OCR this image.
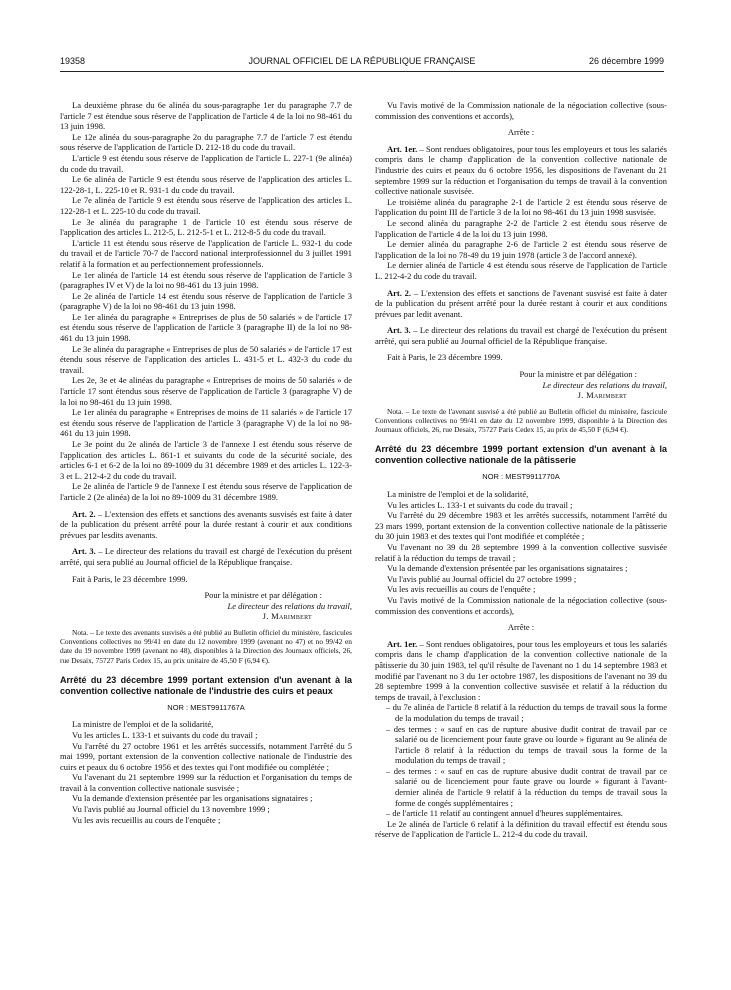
19358	JOURNAL OFFICIEL DE LA RÉPUBLIQUE FRANÇAISE	26 décembre 1999

La deuxième phrase du 6e alinéa du sous-paragraphe 1er du paragraphe 7.7 de l'article 7 est étendue sous réserve de l'application de l'article 4 de la loi no 98-461 du 13 juin 1998.

Le 12e alinéa du sous-paragraphe 2o du paragraphe 7.7 de l'article 7 est étendu sous réserve de l'application de l'article D. 212-18 du code du travail.

L'article 9 est étendu sous réserve de l'application de l'article L. 227-1 (9e alinéa) du code du travail.

Le 6e alinéa de l'article 9 est étendu sous réserve de l'application des articles L. 122-28-1, L. 225-10 et R. 931-1 du code du travail.

Le 7e alinéa de l'article 9 est étendu sous réserve de l'application des articles L. 122-28-1 et L. 225-10 du code du travail.

Le 3e alinéa du paragraphe 1 de l'article 10 est étendu sous réserve de l'application des articles L. 212-5, L. 212-5-1 et L. 212-8-5 du code du travail.

L'article 11 est étendu sous réserve de l'application de l'article L. 932-1 du code du travail et de l'article 70-7 de l'accord national interprofessionnel du 3 juillet 1991 relatif à la formation et au perfectionnement professionnels.

Le 1er alinéa de l'article 14 est étendu sous réserve de l'application de l'article 3 (paragraphes IV et V) de la loi no 98-461 du 13 juin 1998.

Le 2e alinéa de l'article 14 est étendu sous réserve de l'application de l'article 3 (paragraphe V) de la loi no 98-461 du 13 juin 1998.

Le 1er alinéa du paragraphe « Entreprises de plus de 50 salariés » de l'article 17 est étendu sous réserve de l'application de l'article 3 (paragraphe II) de la loi no 98-461 du 13 juin 1998.

Le 3e alinéa du paragraphe « Entreprises de plus de 50 salariés » de l'article 17 est étendu sous réserve de l'application des articles L. 431-5 et L. 432-3 du code du travail.

Les 2e, 3e et 4e alinéas du paragraphe « Entreprises de moins de 50 salariés » de l'article 17 sont étendus sous réserve de l'application de l'article 3 (paragraphe V) de la loi no 98-461 du 13 juin 1998.

Le 1er alinéa du paragraphe « Entreprises de moins de 11 salariés » de l'article 17 est étendu sous réserve de l'application de l'article 3 (paragraphe V) de la loi no 98-461 du 13 juin 1998.

Le 3e point du 2e alinéa de l'article 3 de l'annexe I est étendu sous réserve de l'application des articles L. 861-1 et suivants du code de la sécurité sociale, des articles 6-1 et 6-2 de la loi no 89-1009 du 31 décembre 1989 et des articles L. 122-3-3 et L. 212-4-2 du code du travail.

Le 2e alinéa de l'article 9 de l'annexe I est étendu sous réserve de l'application de l'article 2 (2e alinéa) de la loi no 89-1009 du 31 décembre 1989.

Art. 2. – L'extension des effets et sanctions des avenants susvisés est faite à dater de la publication du présent arrêté pour la durée restant à courir et aux conditions prévues par lesdits avenants.

Art. 3. – Le directeur des relations du travail est chargé de l'exécution du présent arrêté, qui sera publié au Journal officiel de la République française.

Fait à Paris, le 23 décembre 1999.

Pour la ministre et par délégation :

Le directeur des relations du travail,

J. Marimbert

Nota. – Le texte des avenants susvisés a été publié au Bulletin officiel du ministère, fascicules Conventions collectives no 99/41 en date du 12 novembre 1999 (avenant no 47) et no 99/42 en date du 19 novembre 1999 (avenant no 48), disponibles à la Direction des Journaux officiels, 26, rue Desaix, 75727 Paris Cedex 15, au prix unitaire de 45,50 F (6,94 €).

Arrêté du 23 décembre 1999 portant extension d'un avenant à la convention collective nationale de l'industrie des cuirs et peaux

NOR : MEST9911767A

La ministre de l'emploi et de la solidarité,

Vu les articles L. 133-1 et suivants du code du travail ;

Vu l'arrêté du 27 octobre 1961 et les arrêtés successifs, notamment l'arrêté du 5 mai 1999, portant extension de la convention collective nationale de l'industrie des cuirs et peaux du 6 octobre 1956 et des textes qui l'ont modifiée ou complétée ;

Vu l'avenant du 21 septembre 1999 sur la réduction et l'organisation du temps de travail à la convention collective nationale susvisée ;

Vu la demande d'extension présentée par les organisations signataires ;

Vu l'avis publié au Journal officiel du 13 novembre 1999 ;

Vu les avis recueillis au cours de l'enquête ;

Vu l'avis motivé de la Commission nationale de la négociation collective (sous-commission des conventions et accords),

Arrête :

Art. 1er. – Sont rendues obligatoires, pour tous les employeurs et tous les salariés compris dans le champ d'application de la convention collective nationale de l'industrie des cuirs et peaux du 6 octobre 1956, les dispositions de l'avenant du 21 septembre 1999 sur la réduction et l'organisation du temps de travail à la convention collective nationale susvisée.

Le troisième alinéa du paragraphe 2-1 de l'article 2 est étendu sous réserve de l'application du point III de l'article 3 de la loi no 98-461 du 13 juin 1998 susvisée.

Le second alinéa du paragraphe 2-2 de l'article 2 est étendu sous réserve de l'application de l'article 4 de la loi du 13 juin 1998.

Le dernier alinéa du paragraphe 2-6 de l'article 2 est étendu sous réserve de l'application de la loi no 78-49 du 19 juin 1978 (article 3 de l'accord annexé).

Le dernier alinéa de l'article 4 est étendu sous réserve de l'application de l'article L. 212-4-2 du code du travail.

Art. 2. – L'extension des effets et sanctions de l'avenant susvisé est faite à dater de la publication du présent arrêté pour la durée restant à courir et aux conditions prévues par ledit avenant.

Art. 3. – Le directeur des relations du travail est chargé de l'exécution du présent arrêté, qui sera publié au Journal officiel de la République française.

Fait à Paris, le 23 décembre 1999.

Pour la ministre et par délégation :

Le directeur des relations du travail,

J. Marimbert

Nota. – Le texte de l'avenant susvisé a été publié au Bulletin officiel du ministère, fascicule Conventions collectives no 99/41 en date du 12 novembre 1999, disponible à la Direction des Journaux officiels, 26, rue Desaix, 75727 Paris Cedex 15, au prix de 45,50 F (6,94 €).

Arrêté du 23 décembre 1999 portant extension d'un avenant à la convention collective nationale de la pâtisserie

NOR : MEST9911770A

La ministre de l'emploi et de la solidarité,

Vu les articles L. 133-1 et suivants du code du travail ;

Vu l'arrêté du 29 décembre 1983 et les arrêtés successifs, notamment l'arrêté du 23 mars 1999, portant extension de la convention collective nationale de la pâtisserie du 30 juin 1983 et des textes qui l'ont modifiée et complétée ;

Vu l'avenant no 39 du 28 septembre 1999 à la convention collective susvisée relatif à la réduction du temps de travail ;

Vu la demande d'extension présentée par les organisations signataires ;

Vu l'avis publié au Journal officiel du 27 octobre 1999 ;

Vu les avis recueillis au cours de l'enquête ;

Vu l'avis motivé de la Commission nationale de la négociation collective (sous-commission des conventions et accords),

Arrête :

Art. 1er. – Sont rendues obligatoires, pour tous les employeurs et tous les salariés compris dans le champ d'application de la convention collective nationale de la pâtisserie du 30 juin 1983, tel qu'il résulte de l'avenant no 1 du 14 septembre 1983 et modifié par l'avenant no 3 du 1er octobre 1987, les dispositions de l'avenant no 39 du 28 septembre 1999 à la convention collective susvisée et relatif à la réduction du temps de travail, à l'exclusion :

– du 7e alinéa de l'article 8 relatif à la réduction du temps de travail sous la forme de la modulation du temps de travail ;

– des termes : « sauf en cas de rupture abusive dudit contrat de travail par ce salarié ou de licenciement pour faute grave ou lourde » figurant au 9e alinéa de l'article 8 relatif à la réduction du temps de travail sous la forme de la modulation du temps de travail ;

– des termes : « sauf en cas de rupture abusive dudit contrat de travail par ce salarié ou de licenciement pour faute grave ou lourde » figurant à l'avant-dernier alinéa de l'article 9 relatif à la réduction du temps de travail sous la forme de congés supplémentaires ;

– de l'article 11 relatif au contingent annuel d'heures supplémentaires.

Le 2e alinéa de l'article 6 relatif à la définition du travail effectif est étendu sous réserve de l'application de l'article L. 212-4 du code du travail.
